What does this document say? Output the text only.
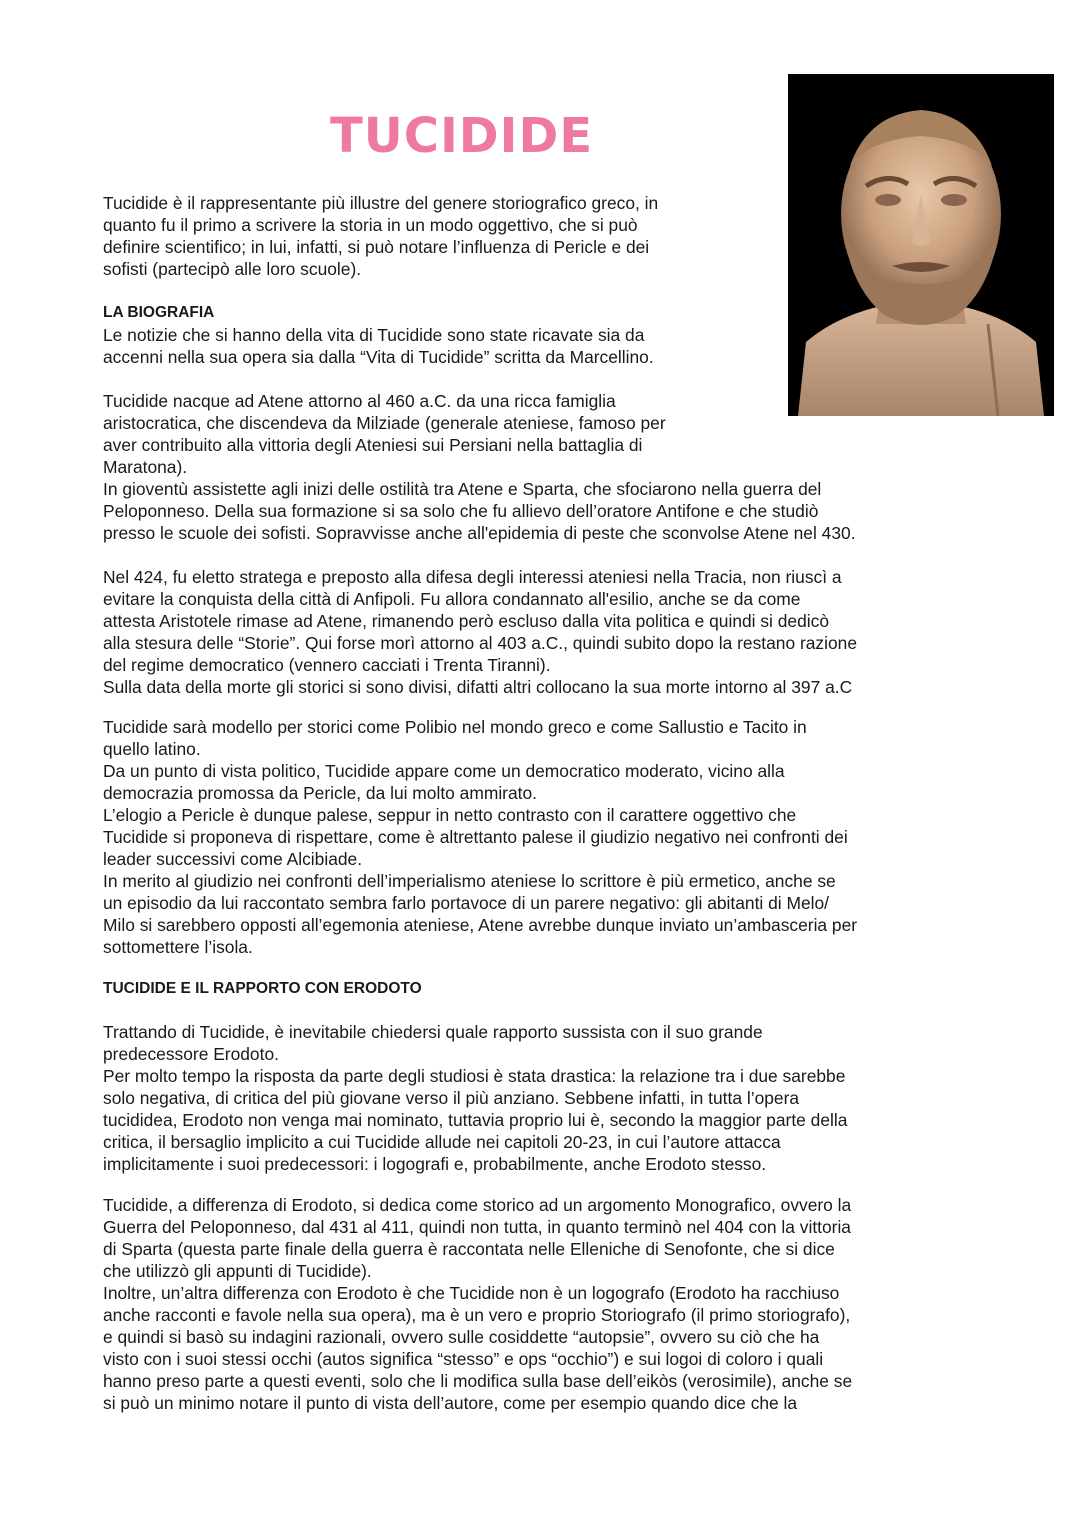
TUCIDIDE

Tucidide è il rappresentante più illustre del genere storiografico greco, in
quanto fu il primo a scrivere la storia in un modo oggettivo, che si può
definire scientifico; in lui, infatti, si può notare l’influenza di Pericle e dei
sofisti (partecipò alle loro scuole).

LA BIOGRAFIA
Le notizie che si hanno della vita di Tucidide sono state ricavate sia da
accenni nella sua opera sia dalla “Vita di Tucidide” scritta da Marcellino.

Tucidide nacque ad Atene attorno al 460 a.C. da una ricca famiglia
aristocratica, che discendeva da Milziade (generale ateniese, famoso per
aver contribuito alla vittoria degli Ateniesi sui Persiani nella battaglia di
Maratona).

In gioventù assistette agli inizi delle ostilità tra Atene e Sparta, che sfociarono nella guerra del
Peloponneso. Della sua formazione si sa solo che fu allievo dell’oratore Antifone e che studiò
presso le scuole dei sofisti. Sopravvisse anche all'epidemia di peste che sconvolse Atene nel 430.

Nel 424, fu eletto stratega e preposto alla difesa degli interessi ateniesi nella Tracia, non riuscì a
evitare la conquista della città di Anfipoli. Fu allora condannato all'esilio, anche se da come
attesta Aristotele rimase ad Atene, rimanendo però escluso dalla vita politica e quindi si dedicò
alla stesura delle “Storie”. Qui forse morì attorno al 403 a.C., quindi subito dopo la restano razione
del regime democratico (vennero cacciati i Trenta Tiranni).
Sulla data della morte gli storici si sono divisi, difatti altri collocano la sua morte intorno al 397 a.C

Tucidide sarà modello per storici come Polibio nel mondo greco e come Sallustio e Tacito in
quello latino.
Da un punto di vista politico, Tucidide appare come un democratico moderato, vicino alla
democrazia promossa da Pericle, da lui molto ammirato.
L’elogio a Pericle è dunque palese, seppur in netto contrasto con il carattere oggettivo che
Tucidide si proponeva di rispettare, come è altrettanto palese il giudizio negativo nei confronti dei
leader successivi come Alcibiade.
In merito al giudizio nei confronti dell’imperialismo ateniese lo scrittore è più ermetico, anche se
un episodio da lui raccontato sembra farlo portavoce di un parere negativo: gli abitanti di Melo/
Milo si sarebbero opposti all’egemonia ateniese, Atene avrebbe dunque inviato un’ambasceria per
sottomettere l’isola.

TUCIDIDE E IL RAPPORTO CON ERODOTO

Trattando di Tucidide, è inevitabile chiedersi quale rapporto sussista con il suo grande
predecessore Erodoto.
Per molto tempo la risposta da parte degli studiosi è stata drastica: la relazione tra i due sarebbe
solo negativa, di critica del più giovane verso il più anziano. Sebbene infatti, in tutta l’opera
tucididea, Erodoto non venga mai nominato, tuttavia proprio lui è, secondo la maggior parte della
critica, il bersaglio implicito a cui Tucidide allude nei capitoli 20-23, in cui l’autore attacca
implicitamente i suoi predecessori: i logografi e, probabilmente, anche Erodoto stesso.

Tucidide, a differenza di Erodoto, si dedica come storico ad un argomento Monografico, ovvero la
Guerra del Peloponneso, dal 431 al 411, quindi non tutta, in quanto terminò nel 404 con la vittoria
di Sparta (questa parte finale della guerra è raccontata nelle Elleniche di Senofonte, che si dice
che utilizzò gli appunti di Tucidide).
Inoltre, un’altra differenza con Erodoto è che Tucidide non è un logografo (Erodoto ha racchiuso
anche racconti e favole nella sua opera), ma è un vero e proprio Storiografo (il primo storiografo),
e quindi si basò su indagini razionali, ovvero sulle cosiddette “autopsie”, ovvero su ciò che ha
visto con i suoi stessi occhi (autos significa “stesso” e ops “occhio”) e sui logoi di coloro i quali
hanno preso parte a questi eventi, solo che li modifica sulla base dell’eikòs (verosimile), anche se
si può un minimo notare il punto di vista dell’autore, come per esempio quando dice che la
